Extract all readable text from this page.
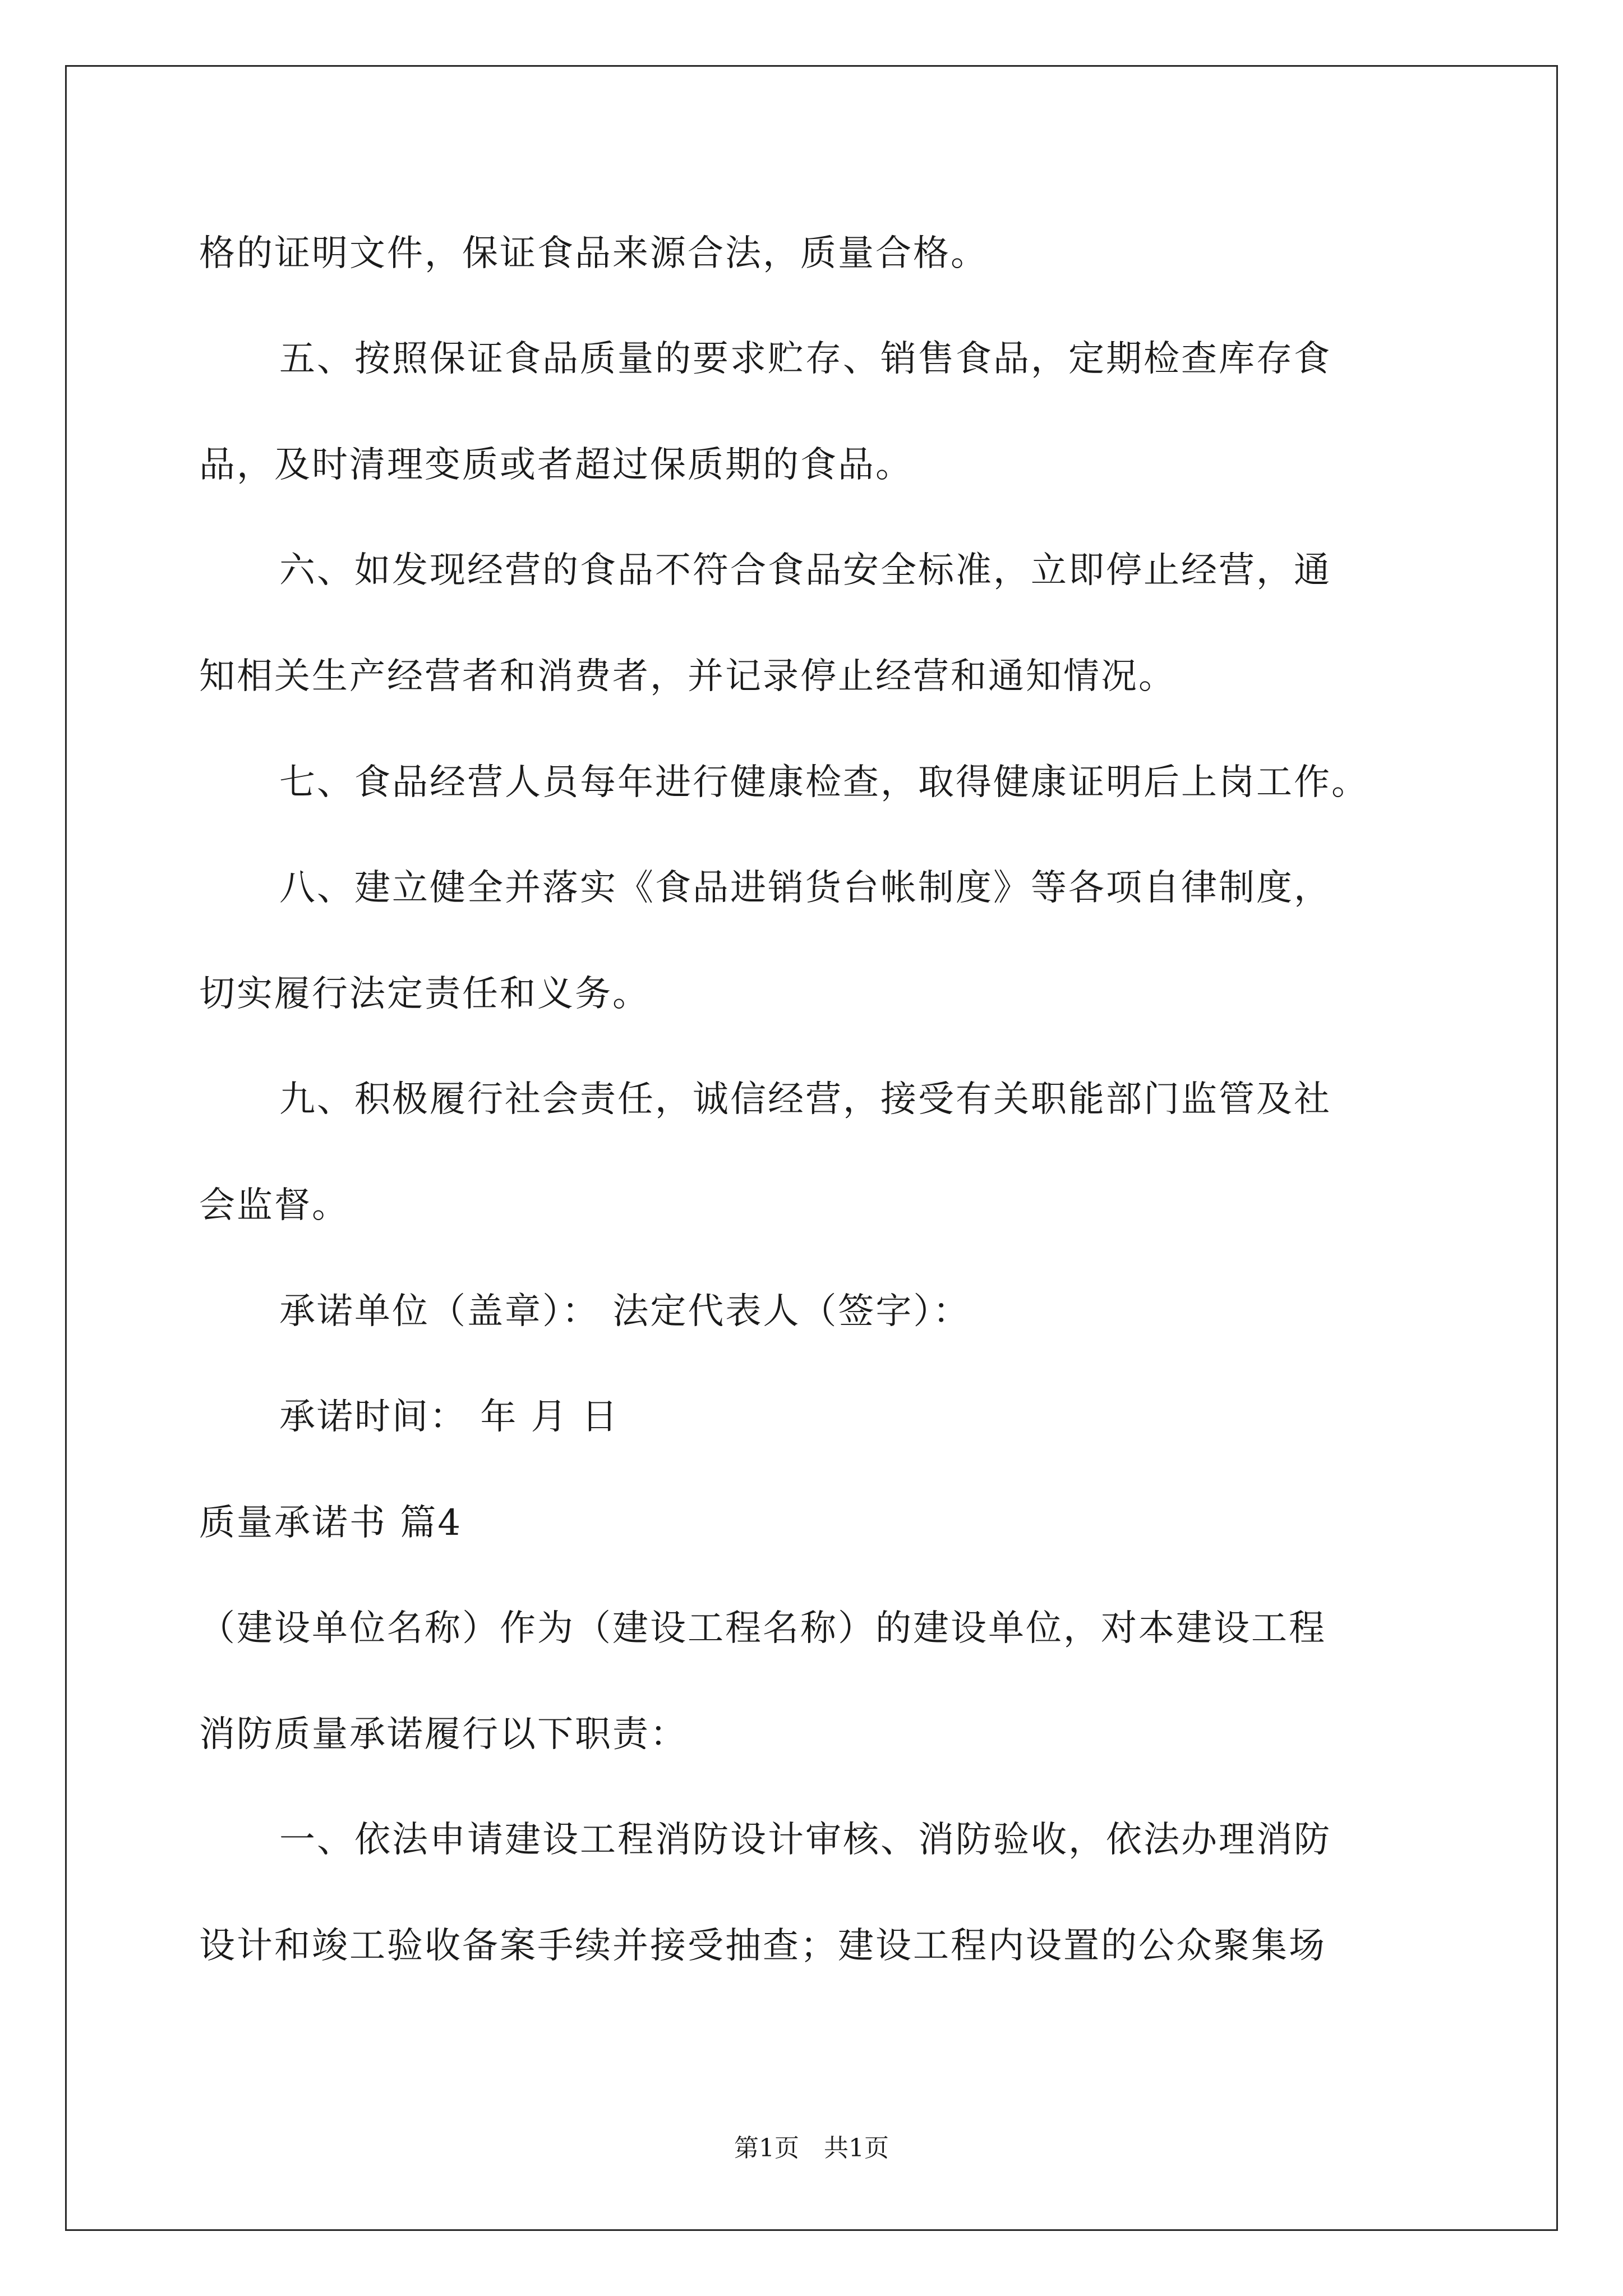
格的证明文件，保证食品来源合法，质量合格。
五、按照保证食品质量的要求贮存、销售食品，定期检查库存食
品，及时清理变质或者超过保质期的食品。
六、如发现经营的食品不符合食品安全标准，立即停止经营，通
知相关生产经营者和消费者，并记录停止经营和通知情况。
七、食品经营人员每年进行健康检查，取得健康证明后上岗工作。
八、建立健全并落实《食品进销货台帐制度》等各项自律制度，
切实履行法定责任和义务。
九、积极履行社会责任，诚信经营，接受有关职能部门监管及社
会监督。
承诺单位（盖章）： 法定代表人（签字）：
承诺时间： 年 月 日
质量承诺书 篇4
（建设单位名称）作为（建设工程名称）的建设单位，对本建设工程
消防质量承诺履行以下职责：
一、依法申请建设工程消防设计审核、消防验收，依法办理消防
设计和竣工验收备案手续并接受抽查；建设工程内设置的公众聚集场
第1页　共1页
